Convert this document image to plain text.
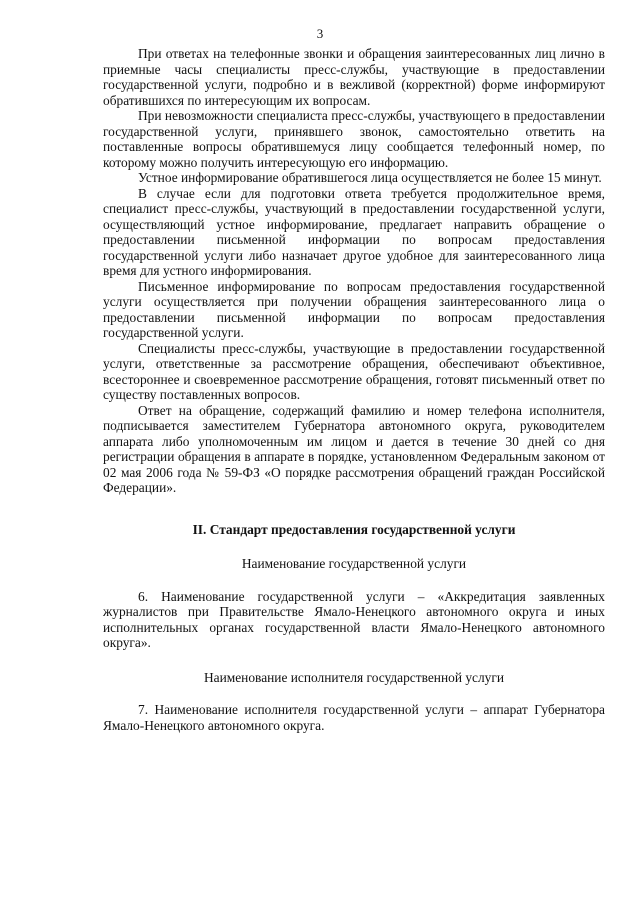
3

При ответах на телефонные звонки и обращения заинтересованных лиц лично в приемные часы специалисты пресс-службы, участвующие в предоставлении государственной услуги, подробно и в вежливой (корректной) форме информируют обратившихся по интересующим их вопросам.

При невозможности специалиста пресс-службы, участвующего в предоставлении государственной услуги, принявшего звонок, самостоятельно ответить на поставленные вопросы обратившемуся лицу сообщается телефонный номер, по которому можно получить интересующую его информацию.

Устное информирование обратившегося лица осуществляется не более 15 минут.

В случае если для подготовки ответа требуется продолжительное время, специалист пресс-службы, участвующий в предоставлении государственной услуги, осуществляющий устное информирование, предлагает направить обращение о предоставлении письменной информации по вопросам предоставления государственной услуги либо назначает другое удобное для заинтересованного лица время для устного информирования.

Письменное информирование по вопросам предоставления государственной услуги осуществляется при получении обращения заинтересованного лица о предоставлении письменной информации по вопросам предоставления государственной услуги.

Специалисты пресс-службы, участвующие в предоставлении государственной услуги, ответственные за рассмотрение обращения, обеспечивают объективное, всестороннее и своевременное рассмотрение обращения, готовят письменный ответ по существу поставленных вопросов.

Ответ на обращение, содержащий фамилию и номер телефона исполнителя, подписывается заместителем Губернатора автономного округа, руководителем аппарата либо уполномоченным им лицом и дается в течение 30 дней со дня регистрации обращения в аппарате в порядке, установленном Федеральным законом от 02 мая 2006 года № 59-ФЗ «О порядке рассмотрения обращений граждан Российской Федерации».

II. Стандарт предоставления государственной услуги

Наименование государственной услуги

6. Наименование государственной услуги – «Аккредитация заявленных журналистов при Правительстве Ямало-Ненецкого автономного округа и иных исполнительных органах государственной власти Ямало-Ненецкого автономного округа».

Наименование исполнителя государственной услуги

7. Наименование исполнителя государственной услуги – аппарат Губернатора Ямало-Ненецкого автономного округа.
